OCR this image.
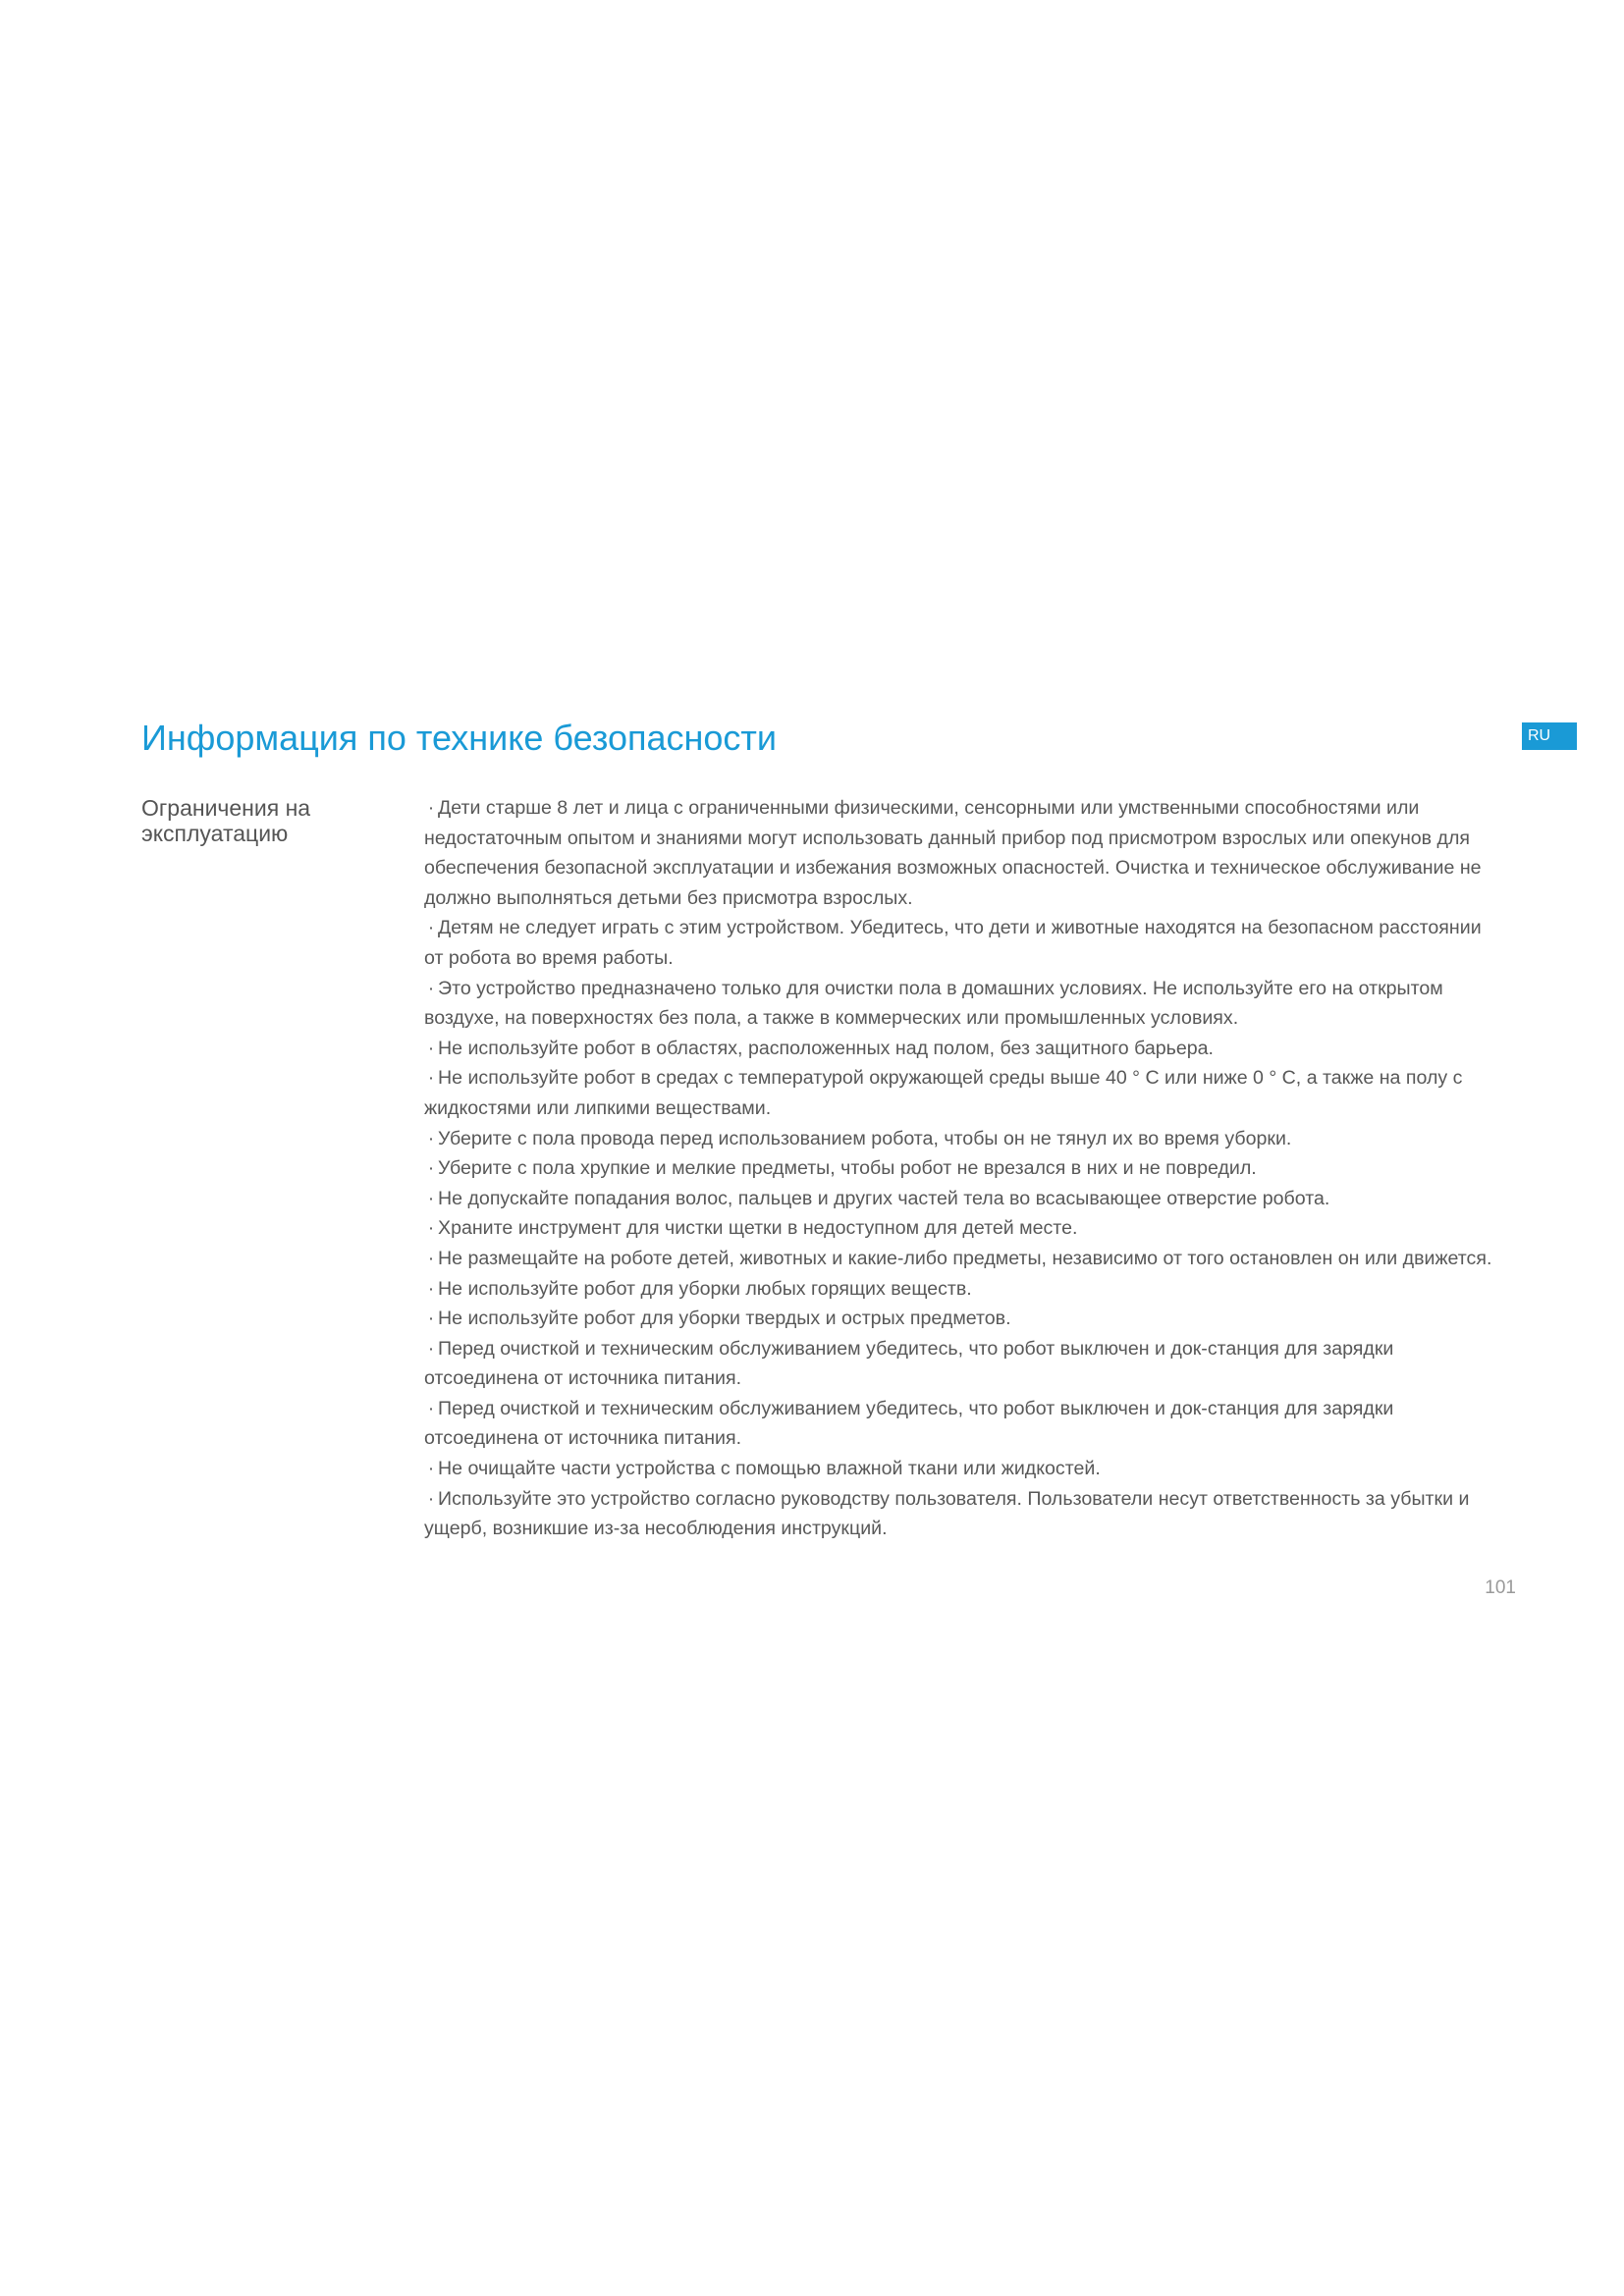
Информация по технике безопасности	RU
Ограничения на
эксплуатацию
· Дети старше 8 лет и лица с ограниченными физическими, сенсорными или умственными способностями или недостаточным опытом и знаниями могут использовать данный прибор под присмотром взрослых или опекунов для обеспечения безопасной эксплуатации и избежания возможных опасностей. Очистка и техническое обслуживание не должно выполняться детьми без присмотра взрослых.
· Детям не следует играть с этим устройством. Убедитесь, что дети и животные находятся на безопасном расстоянии от робота во время работы.
· Это устройство предназначено только для очистки пола в домашних условиях. Не используйте его на открытом воздухе, на поверхностях без пола, а также в коммерческих или промышленных условиях.
· Не используйте робот в областях, расположенных над полом, без защитного барьера.
· Не используйте робот в средах с температурой окружающей среды выше 40 ° C или ниже 0 ° C, а также на полу с жидкостями или липкими веществами.
· Уберите с пола провода перед использованием робота, чтобы он не тянул их во время уборки.
· Уберите с пола хрупкие и мелкие предметы, чтобы робот не врезался в них и не повредил.
· Не допускайте попадания волос, пальцев и других частей тела во всасывающее отверстие робота.
· Храните инструмент для чистки щетки в недоступном для детей месте.
· Не размещайте на роботе детей, животных и какие-либо предметы, независимо от того остановлен он или движется.
· Не используйте робот для уборки любых горящих веществ.
· Не используйте робот для уборки твердых и острых предметов.
· Перед очисткой и техническим обслуживанием убедитесь, что робот выключен и док-станция для зарядки отсоединена от источника питания.
· Перед очисткой и техническим обслуживанием убедитесь, что робот выключен и док-станция для зарядки отсоединена от источника питания.
· Не очищайте части устройства с помощью влажной ткани или жидкостей.
· Используйте это устройство согласно руководству пользователя. Пользователи несут ответственность за убытки и ущерб, возникшие из-за несоблюдения инструкций.
101
